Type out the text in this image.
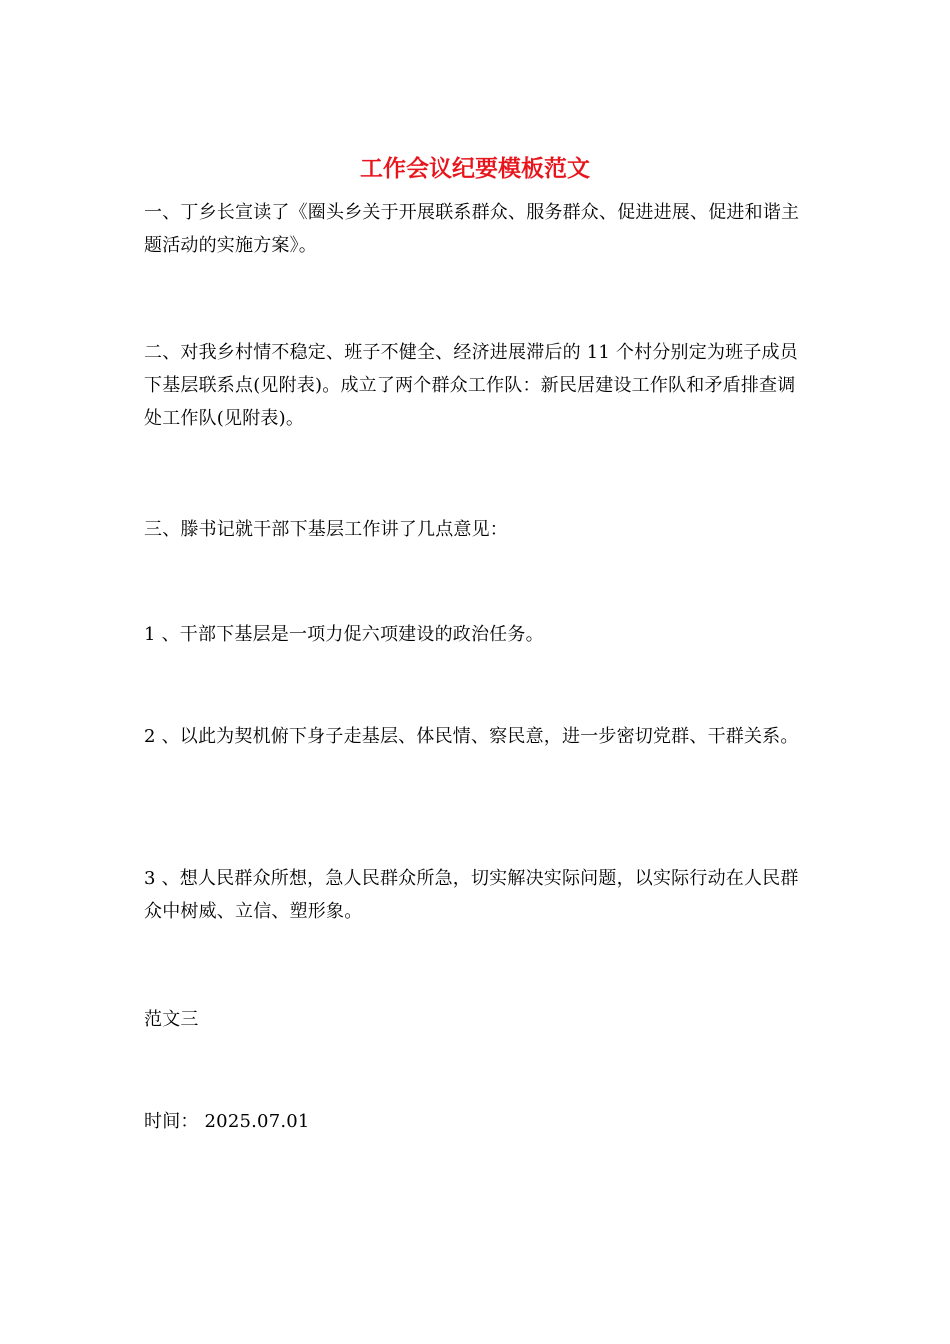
工作会议纪要模板范文
一、丁乡长宣读了《圈头乡关于开展联系群众、服务群众、促进进展、促进和谐主题活动的实施方案》。
二、对我乡村情不稳定、班子不健全、经济进展滞后的 11 个村分别定为班子成员下基层联系点(见附表)。成立了两个群众工作队：新民居建设工作队和矛盾排查调处工作队(见附表)。
三、滕书记就干部下基层工作讲了几点意见：
1 、干部下基层是一项力促六项建设的政治任务。
2 、以此为契机俯下身子走基层、体民情、察民意，进一步密切党群、干群关系。
3 、想人民群众所想，急人民群众所急，切实解决实际问题，以实际行动在人民群众中树威、立信、塑形象。
范文三
时间： 2025.07.01
